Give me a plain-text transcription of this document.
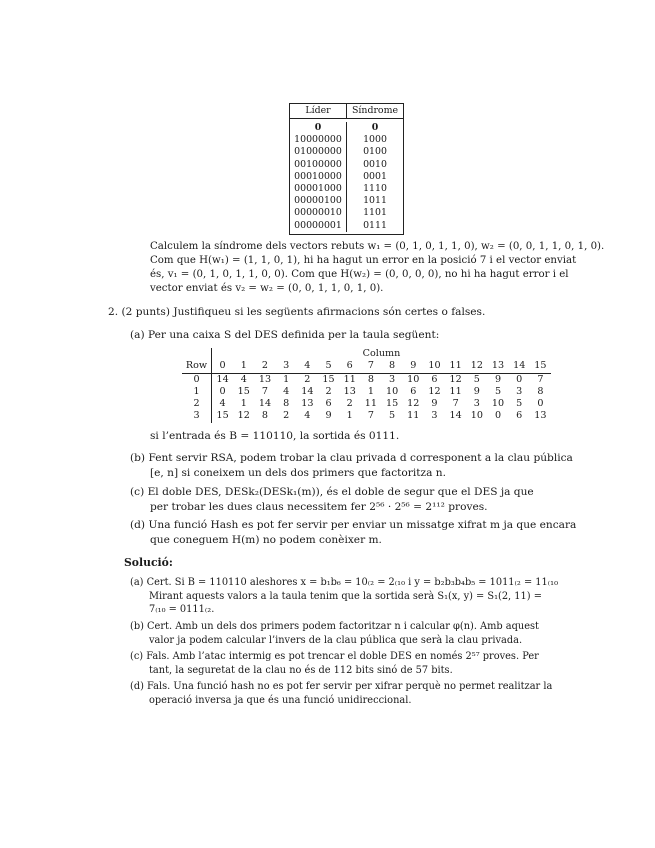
Líder	Síndrome
0	0
10000000	1000
01000000	0100
00100000	0010
00010000	0001
00001000	1110
00000100	1011
00000010	1101
00000001	0111
Calculem la síndrome dels vectors rebuts w₁ = (0, 1, 0, 1, 1, 0), w₂ = (0, 0, 1, 1, 0, 1, 0).
Com que H(w₁) = (1, 1, 0, 1), hi ha hagut un error en la posició 7 i el vector enviat
és, v₁ = (0, 1, 0, 1, 1, 0, 0). Com que H(w₂) = (0, 0, 0, 0), no hi ha hagut error i el
vector enviat és v₂ = w₂ = (0, 0, 1, 1, 0, 1, 0).
2. (2 punts) Justifiqueu si les següents afirmacions són certes o falses.
(a) Per una caixa S del DES definida per la taula següent:
Column
Row	0	1	2	3	4	5	6	7	8	9	10 11 12 13 14 15
0	14	4	13	1	2	15 11	8	3	10	6	12	5	9	0	7
1	0	15	7	4	14	2	13	1	10	6	12 11	9	5	3	8
2	4	1	14	8	13	6	2	11 15 12	9	7	3	10	5	0
3	15 12	8	2	4	9	1	7	5	11	3	14 10	0	6	13
si l’entrada és B = 110110, la sortida és 0111.
(b) Fent servir RSA, podem trobar la clau privada d corresponent a la clau pública
[e, n] si coneixem un dels dos primers que factoritza n.
(c) El doble DES, DESk₂(DESk₁(m)), és el doble de segur que el DES ja que
per trobar les dues claus necessitem fer 2⁵⁶ · 2⁵⁶ = 2¹¹² proves.
(d) Una funció Hash es pot fer servir per enviar un missatge xifrat m ja que encara
que coneguem H(m) no podem conèixer m.
Solució:
(a) Cert. Si B = 110110 aleshores x = b₁b₆ = 10₍₂ = 2₍₁₀ i y = b₂b₃b₄b₅ = 1011₍₂ = 11₍₁₀
Mirant aquests valors a la taula tenim que la sortida serà S₁(x, y) = S₁(2, 11) =
7₍₁₀ = 0111₍₂.
(b) Cert. Amb un dels dos primers podem factoritzar n i calcular φ(n). Amb aquest
valor ja podem calcular l’invers de la clau pública que serà la clau privada.
(c) Fals. Amb l’atac intermig es pot trencar el doble DES en només 2⁵⁷ proves. Per
tant, la seguretat de la clau no és de 112 bits sinó de 57 bits.
(d) Fals. Una funció hash no es pot fer servir per xifrar perquè no permet realitzar la
operació inversa ja que és una funció unidireccional.
